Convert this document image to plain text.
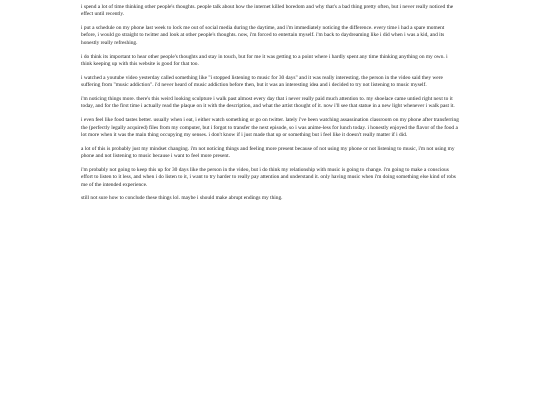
i spend a lot of time thinking other people's thoughts. people talk about how the internet killed boredom and why that's a bad thing pretty often, but i never really noticed the effect until recently.

i put a schedule on my phone last week to lock me out of social media during the daytime, and i'm immediately noticing the difference. every time i had a spare moment before, i would go straight to twitter and look at other people's thoughts. now, i'm forced to entertain myself. i'm back to daydreaming like i did when i was a kid, and its honestly really refreshing.

i do think its important to hear other people's thoughts and stay in touch, but for me it was getting to a point where i hardly spent any time thinking anything on my own. i think keeping up with this website is good for that too.

i watched a youtube video yesterday called something like "i stopped listening to music for 30 days" and it was really interesting. the person in the video said they were suffering from "music addiction". i'd never heard of music addiction before then, but it was an interesting idea and i decided to try not listening to music myself.

i'm noticing things more. there's this weird looking sculpture i walk past almost every day that i never really paid much attention to. my shoelace came untied right next to it today, and for the first time i actually read the plaque on it with the description, and what the artist thought of it. now i'll see that statue in a new light whenever i walk past it.

i even feel like food tastes better. usually when i eat, i either watch something or go on twitter. lately i've been watching assassination classroom on my phone after transferring the (perfectly legally acquired) files from my computer, but i forgot to transfer the next episode, so i was anime-less for lunch today. i honestly enjoyed the flavor of the food a lot more when it was the main thing occupying my senses. i don't know if i just made that up or something but i feel like it doesn't really matter if i did.

a lot of this is probably just my mindset changing. i'm not noticing things and feeling more present because of not using my phone or not listening to music, i'm not using my phone and not listening to music because i want to feel more present.

i'm probably not going to keep this up for 30 days like the person in the video, but i do think my relationship with music is going to change. i'm going to make a conscious effort to listen to it less, and when i do listen to it, i want to try harder to really pay attention and understand it. only having music when i'm doing something else kind of robs me of the intended experience.

still not sure how to conclude these things lol. maybe i should make abrupt endings my thing.
